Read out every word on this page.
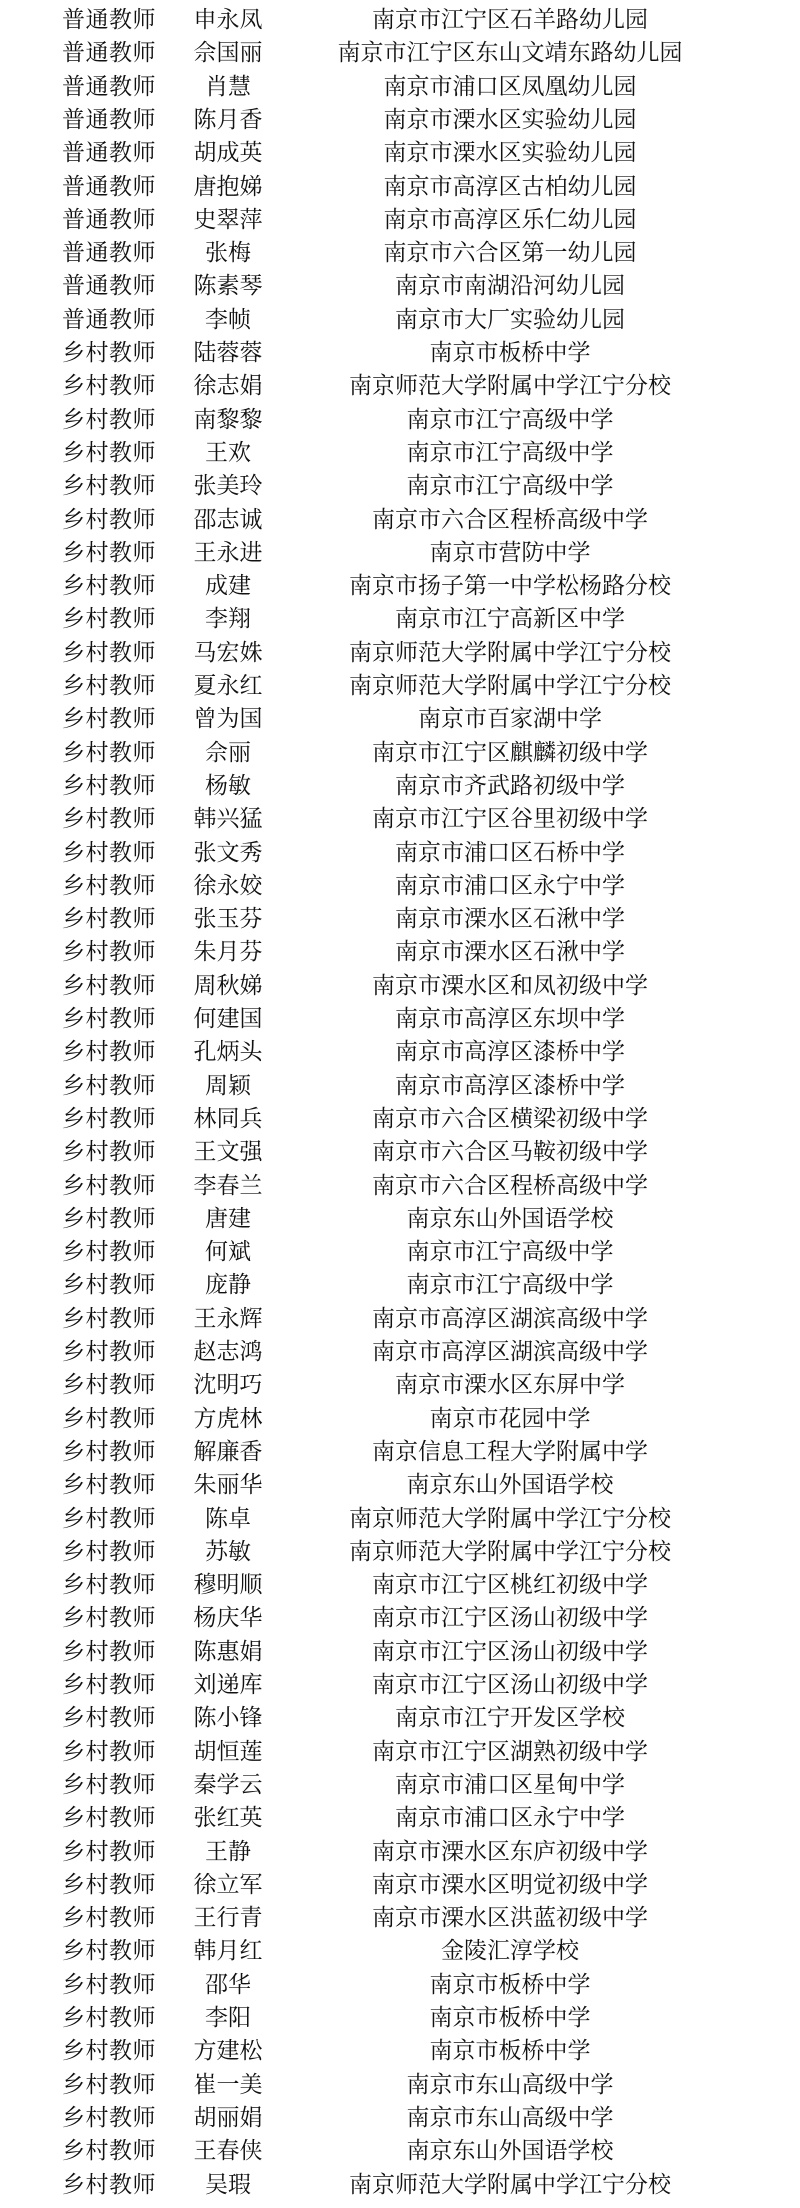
普通教师	申永凤	南京市江宁区石羊路幼儿园
普通教师	佘国丽	南京市江宁区东山文靖东路幼儿园
普通教师	肖慧	南京市浦口区凤凰幼儿园
普通教师	陈月香	南京市溧水区实验幼儿园
普通教师	胡成英	南京市溧水区实验幼儿园
普通教师	唐抱娣	南京市高淳区古柏幼儿园
普通教师	史翠萍	南京市高淳区乐仁幼儿园
普通教师	张梅	南京市六合区第一幼儿园
普通教师	陈素琴	南京市南湖沿河幼儿园
普通教师	李帧	南京市大厂实验幼儿园
乡村教师	陆蓉蓉	南京市板桥中学
乡村教师	徐志娟	南京师范大学附属中学江宁分校
乡村教师	南黎黎	南京市江宁高级中学
乡村教师	王欢	南京市江宁高级中学
乡村教师	张美玲	南京市江宁高级中学
乡村教师	邵志诚	南京市六合区程桥高级中学
乡村教师	王永进	南京市营防中学
乡村教师	成建	南京市扬子第一中学松杨路分校
乡村教师	李翔	南京市江宁高新区中学
乡村教师	马宏姝	南京师范大学附属中学江宁分校
乡村教师	夏永红	南京师范大学附属中学江宁分校
乡村教师	曾为国	南京市百家湖中学
乡村教师	佘丽	南京市江宁区麒麟初级中学
乡村教师	杨敏	南京市齐武路初级中学
乡村教师	韩兴猛	南京市江宁区谷里初级中学
乡村教师	张文秀	南京市浦口区石桥中学
乡村教师	徐永姣	南京市浦口区永宁中学
乡村教师	张玉芬	南京市溧水区石湫中学
乡村教师	朱月芬	南京市溧水区石湫中学
乡村教师	周秋娣	南京市溧水区和凤初级中学
乡村教师	何建国	南京市高淳区东坝中学
乡村教师	孔炳头	南京市高淳区漆桥中学
乡村教师	周颖	南京市高淳区漆桥中学
乡村教师	林同兵	南京市六合区横梁初级中学
乡村教师	王文强	南京市六合区马鞍初级中学
乡村教师	李春兰	南京市六合区程桥高级中学
乡村教师	唐建	南京东山外国语学校
乡村教师	何斌	南京市江宁高级中学
乡村教师	庞静	南京市江宁高级中学
乡村教师	王永辉	南京市高淳区湖滨高级中学
乡村教师	赵志鸿	南京市高淳区湖滨高级中学
乡村教师	沈明巧	南京市溧水区东屏中学
乡村教师	方虎林	南京市花园中学
乡村教师	解廉香	南京信息工程大学附属中学
乡村教师	朱丽华	南京东山外国语学校
乡村教师	陈卓	南京师范大学附属中学江宁分校
乡村教师	苏敏	南京师范大学附属中学江宁分校
乡村教师	穆明顺	南京市江宁区桃红初级中学
乡村教师	杨庆华	南京市江宁区汤山初级中学
乡村教师	陈惠娟	南京市江宁区汤山初级中学
乡村教师	刘递库	南京市江宁区汤山初级中学
乡村教师	陈小锋	南京市江宁开发区学校
乡村教师	胡恒莲	南京市江宁区湖熟初级中学
乡村教师	秦学云	南京市浦口区星甸中学
乡村教师	张红英	南京市浦口区永宁中学
乡村教师	王静	南京市溧水区东庐初级中学
乡村教师	徐立军	南京市溧水区明觉初级中学
乡村教师	王行青	南京市溧水区洪蓝初级中学
乡村教师	韩月红	金陵汇淳学校
乡村教师	邵华	南京市板桥中学
乡村教师	李阳	南京市板桥中学
乡村教师	方建松	南京市板桥中学
乡村教师	崔一美	南京市东山高级中学
乡村教师	胡丽娟	南京市东山高级中学
乡村教师	王春侠	南京东山外国语学校
乡村教师	吴瑕	南京师范大学附属中学江宁分校
